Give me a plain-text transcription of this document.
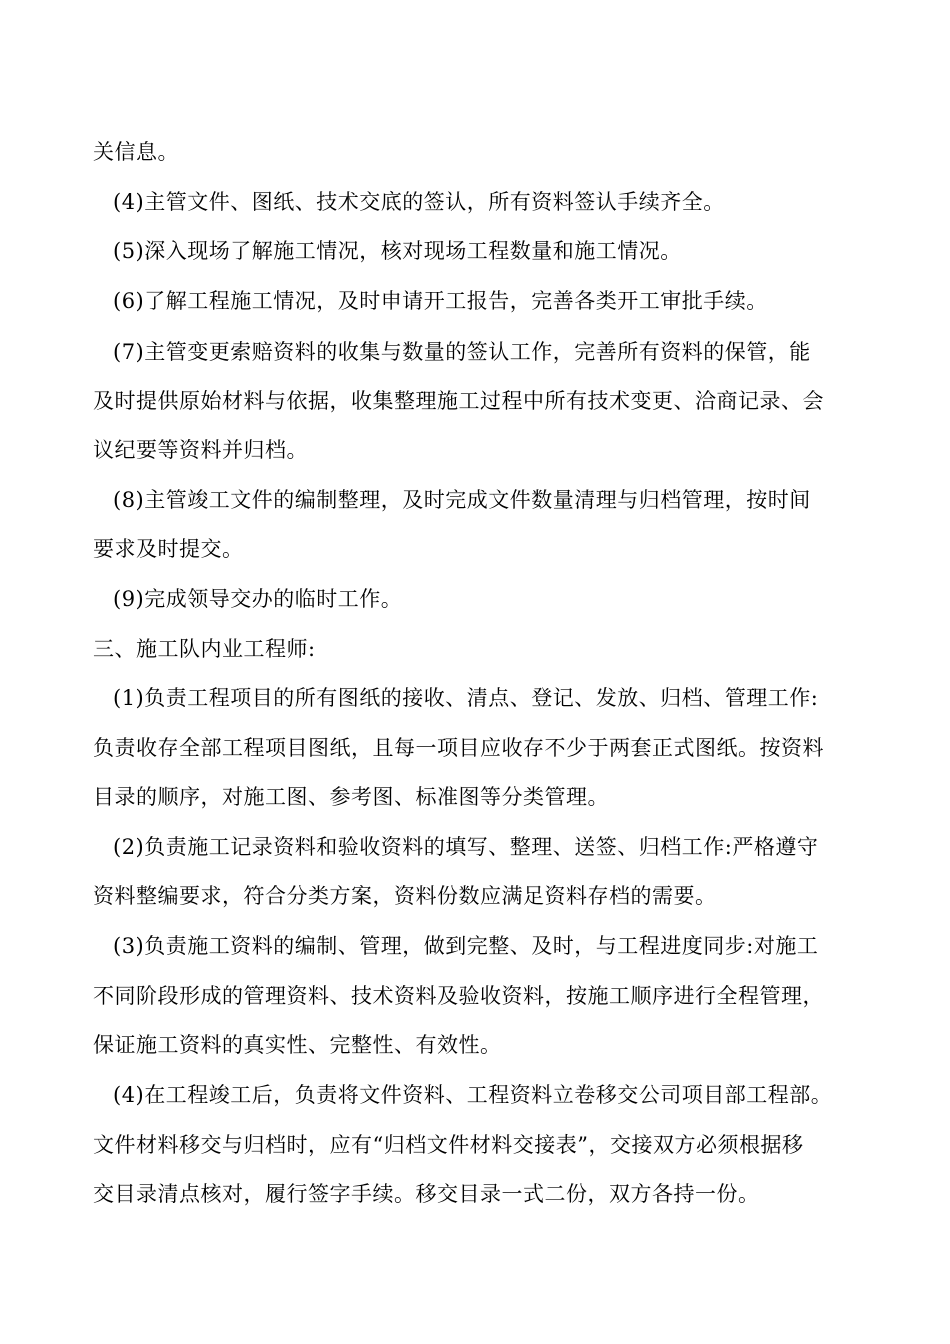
关信息。
(4)主管文件、图纸、技术交底的签认，所有资料签认手续齐全。
(5)深入现场了解施工情况，核对现场工程数量和施工情况。
(6)了解工程施工情况，及时申请开工报告，完善各类开工审批手续。
(7)主管变更索赔资料的收集与数量的签认工作，完善所有资料的保管，能
及时提供原始材料与依据，收集整理施工过程中所有技术变更、洽商记录、会
议纪要等资料并归档。
(8)主管竣工文件的编制整理，及时完成文件数量清理与归档管理，按时间
要求及时提交。
(9)完成领导交办的临时工作。
三、施工队内业工程师:
(1)负责工程项目的所有图纸的接收、清点、登记、发放、归档、管理工作:
负责收存全部工程项目图纸，且每一项目应收存不少于两套正式图纸。按资料
目录的顺序，对施工图、参考图、标准图等分类管理。
(2)负责施工记录资料和验收资料的填写、整理、送签、归档工作:严格遵守
资料整编要求，符合分类方案，资料份数应满足资料存档的需要。
(3)负责施工资料的编制、管理，做到完整、及时，与工程进度同步:对施工
不同阶段形成的管理资料、技术资料及验收资料，按施工顺序进行全程管理，
保证施工资料的真实性、完整性、有效性。
(4)在工程竣工后，负责将文件资料、工程资料立卷移交公司项目部工程部。
文件材料移交与归档时，应有“归档文件材料交接表”，交接双方必须根据移
交目录清点核对，履行签字手续。移交目录一式二份，双方各持一份。
